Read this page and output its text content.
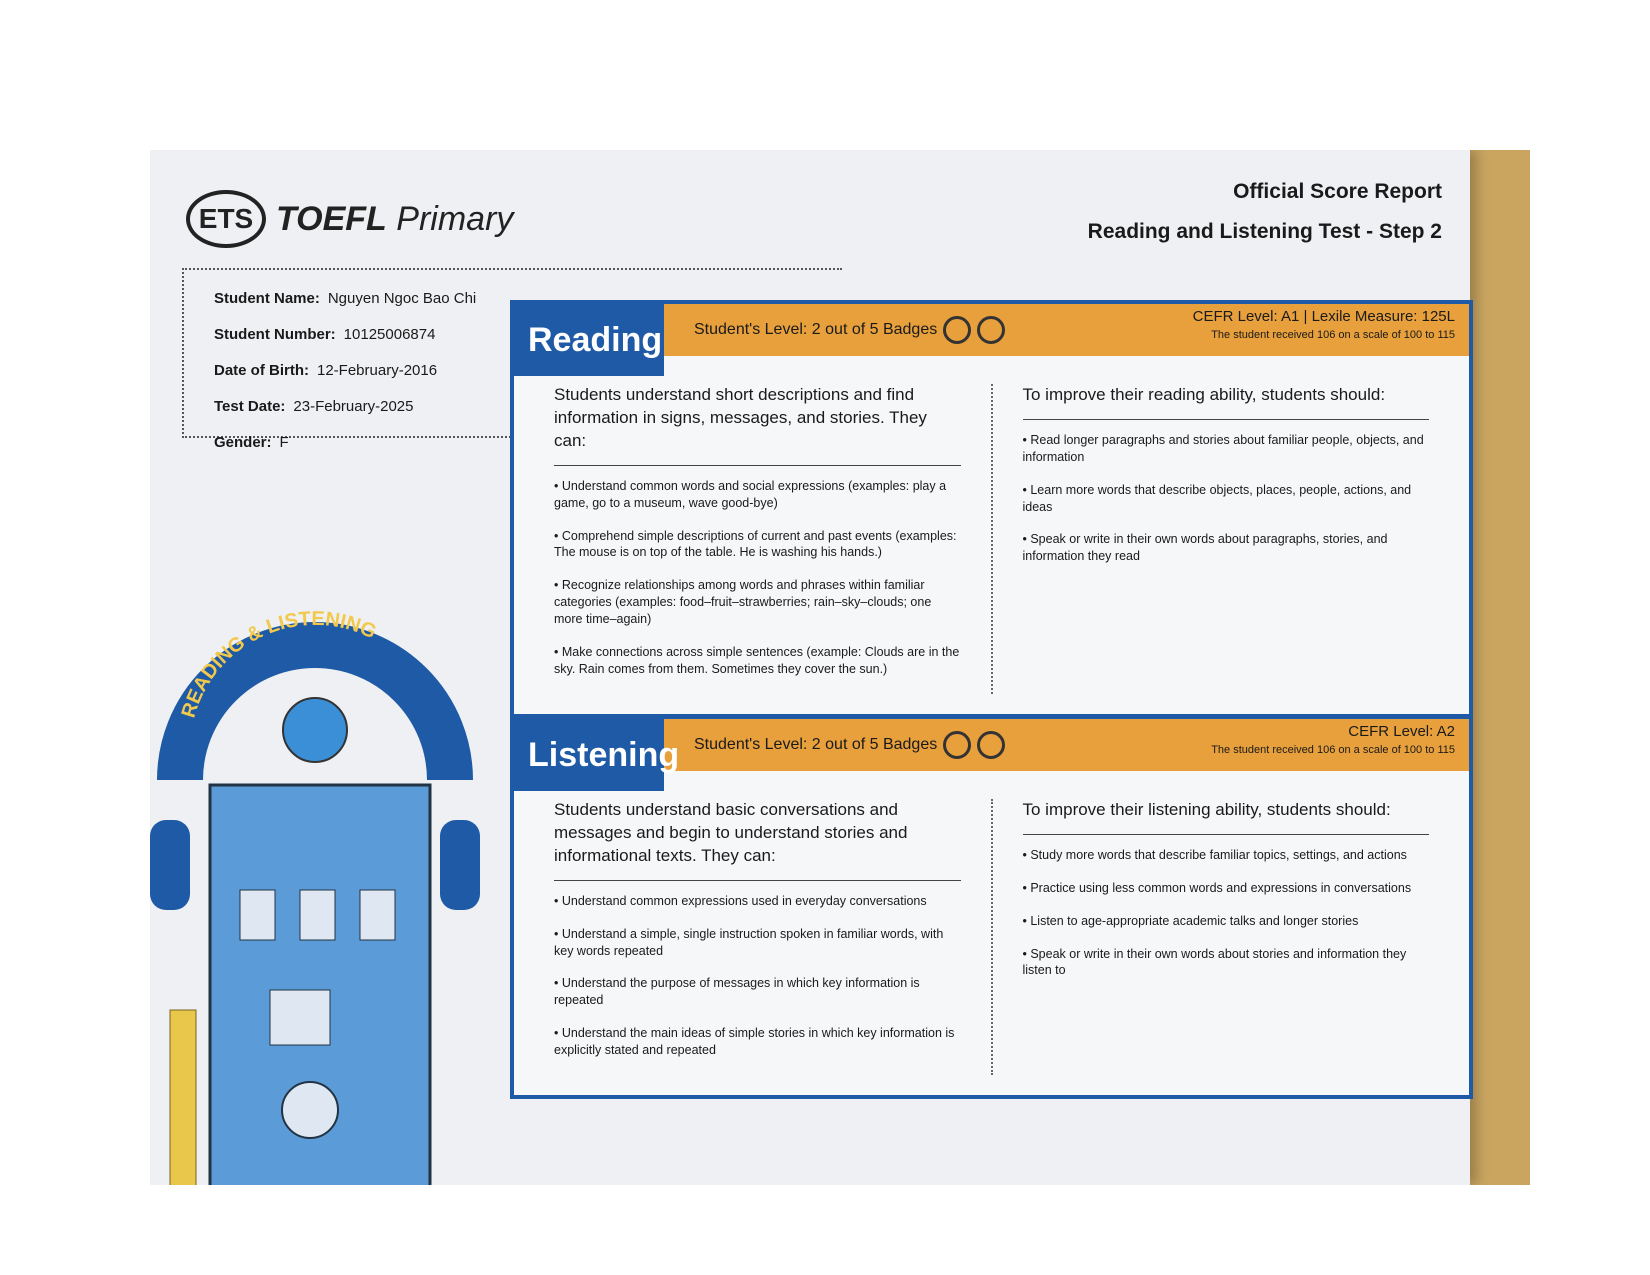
ETS TOEFL Primary
Official Score Report
Reading and Listening Test - Step 2
Student Name: Nguyen Ngoc Bao Chi
Student Number: 10125006874
Date of Birth: 12-February-2016
Test Date: 23-February-2025
Gender: F
READING & LISTENING
Reading Student's Level: 2 out of 5 Badges
CEFR Level: A1 | Lexile Measure: 125L
The student received 106 on a scale of 100 to 115
Students understand short descriptions and find information in signs, messages, and stories. They can:
• Understand common words and social expressions (examples: play a game, go to a museum, wave good-bye)
• Comprehend simple descriptions of current and past events (examples: The mouse is on top of the table. He is washing his hands.)
• Recognize relationships among words and phrases within familiar categories (examples: food–fruit–strawberries; rain–sky–clouds; one more time–again)
• Make connections across simple sentences (example: Clouds are in the sky. Rain comes from them. Sometimes they cover the sun.)
To improve their reading ability, students should:
• Read longer paragraphs and stories about familiar people, objects, and information
• Learn more words that describe objects, places, people, actions, and ideas
• Speak or write in their own words about paragraphs, stories, and information they read
Listening Student's Level: 2 out of 5 Badges
CEFR Level: A2
The student received 106 on a scale of 100 to 115
Students understand basic conversations and messages and begin to understand stories and informational texts. They can:
• Understand common expressions used in everyday conversations
• Understand a simple, single instruction spoken in familiar words, with key words repeated
• Understand the purpose of messages in which key information is repeated
• Understand the main ideas of simple stories in which key information is explicitly stated and repeated
To improve their listening ability, students should:
• Study more words that describe familiar topics, settings, and actions
• Practice using less common words and expressions in conversations
• Listen to age-appropriate academic talks and longer stories
• Speak or write in their own words about stories and information they listen to
